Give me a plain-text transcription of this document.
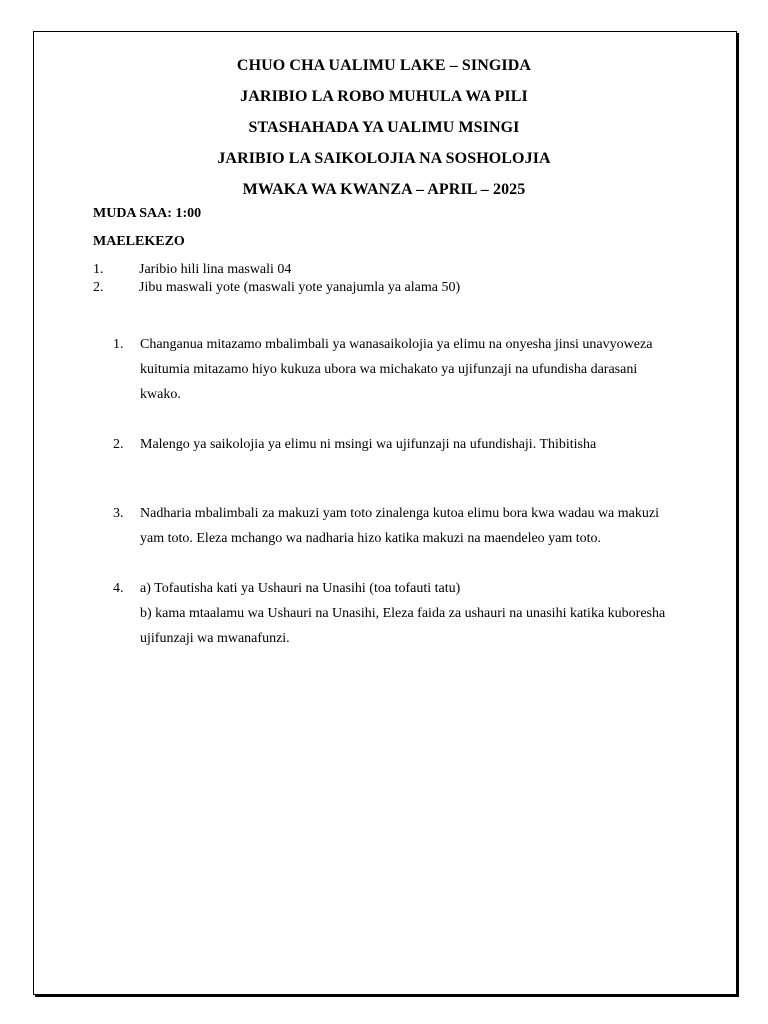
CHUO CHA UALIMU LAKE – SINGIDA
JARIBIO LA ROBO MUHULA WA PILI
STASHAHADA YA UALIMU MSINGI
JARIBIO LA SAIKOLOJIA NA SOSHOLOJIA
MWAKA WA KWANZA – APRIL – 2025
MUDA SAA: 1:00
MAELEKEZO
1.	Jaribio hili lina maswali 04
2.	Jibu maswali yote (maswali yote yanajumla ya alama 50)
1.	Changanua mitazamo mbalimbali ya wanasaikolojia ya elimu na onyesha jinsi unavyoweza kuitumia mitazamo hiyo kukuza ubora wa michakato ya ujifunzaji na ufundisha darasani kwako.
2.	Malengo ya saikolojia ya elimu ni msingi wa ujifunzaji na ufundishaji. Thibitisha
3.	Nadharia mbalimbali za makuzi yam toto zinalenga kutoa elimu bora kwa wadau wa makuzi yam toto. Eleza mchango wa nadharia hizo katika makuzi na maendeleo yam toto.
4.	a) Tofautisha kati ya Ushauri na Unasihi (toa tofauti tatu)
b) kama mtaalamu wa Ushauri na Unasihi, Eleza faida za ushauri na unasihi katika kuboresha ujifunzaji wa mwanafunzi.
